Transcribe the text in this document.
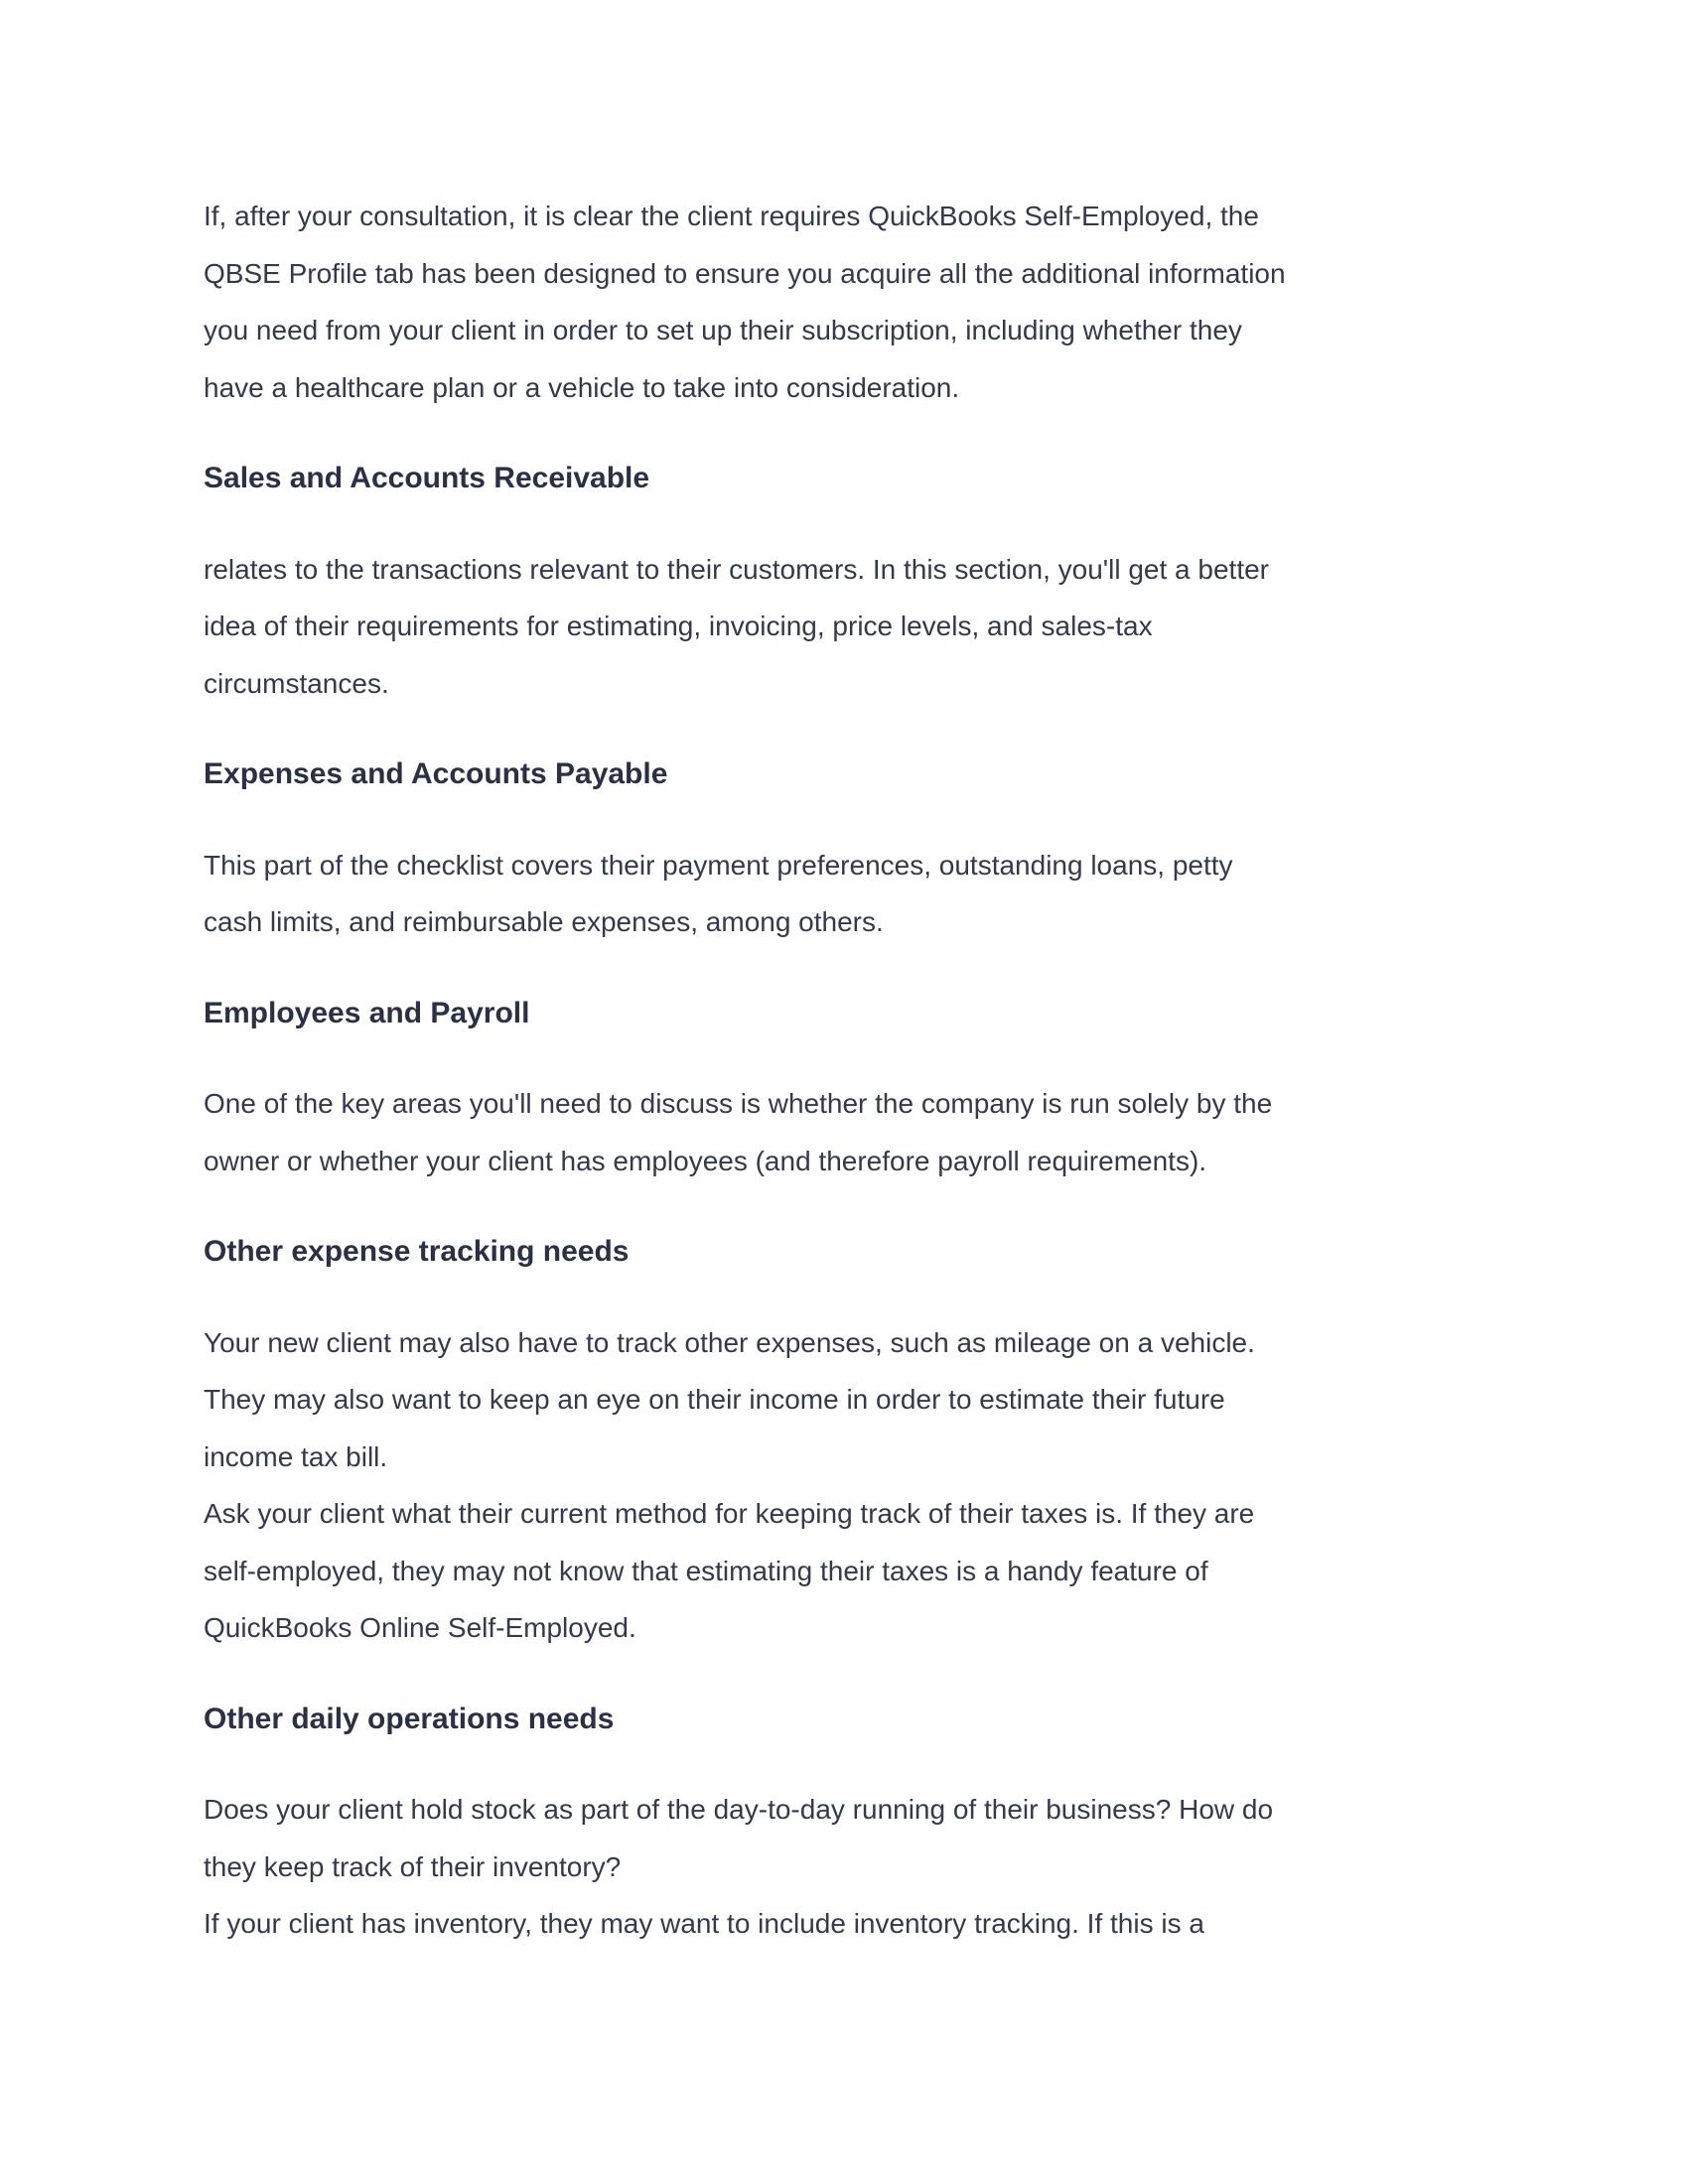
If, after your consultation, it is clear the client requires QuickBooks Self-Employed, the
QBSE Profile tab has been designed to ensure you acquire all the additional information
you need from your client in order to set up their subscription, including whether they
have a healthcare plan or a vehicle to take into consideration.
Sales and Accounts Receivable
relates to the transactions relevant to their customers. In this section, you'll get a better
idea of their requirements for estimating, invoicing, price levels, and sales-tax
circumstances.
Expenses and Accounts Payable
This part of the checklist covers their payment preferences, outstanding loans, petty
cash limits, and reimbursable expenses, among others.
Employees and Payroll
One of the key areas you'll need to discuss is whether the company is run solely by the
owner or whether your client has employees (and therefore payroll requirements).
Other expense tracking needs
Your new client may also have to track other expenses, such as mileage on a vehicle.
They may also want to keep an eye on their income in order to estimate their future
income tax bill.
Ask your client what their current method for keeping track of their taxes is. If they are
self-employed, they may not know that estimating their taxes is a handy feature of
QuickBooks Online Self-Employed.
Other daily operations needs
Does your client hold stock as part of the day-to-day running of their business? How do
they keep track of their inventory?
If your client has inventory, they may want to include inventory tracking. If this is a
